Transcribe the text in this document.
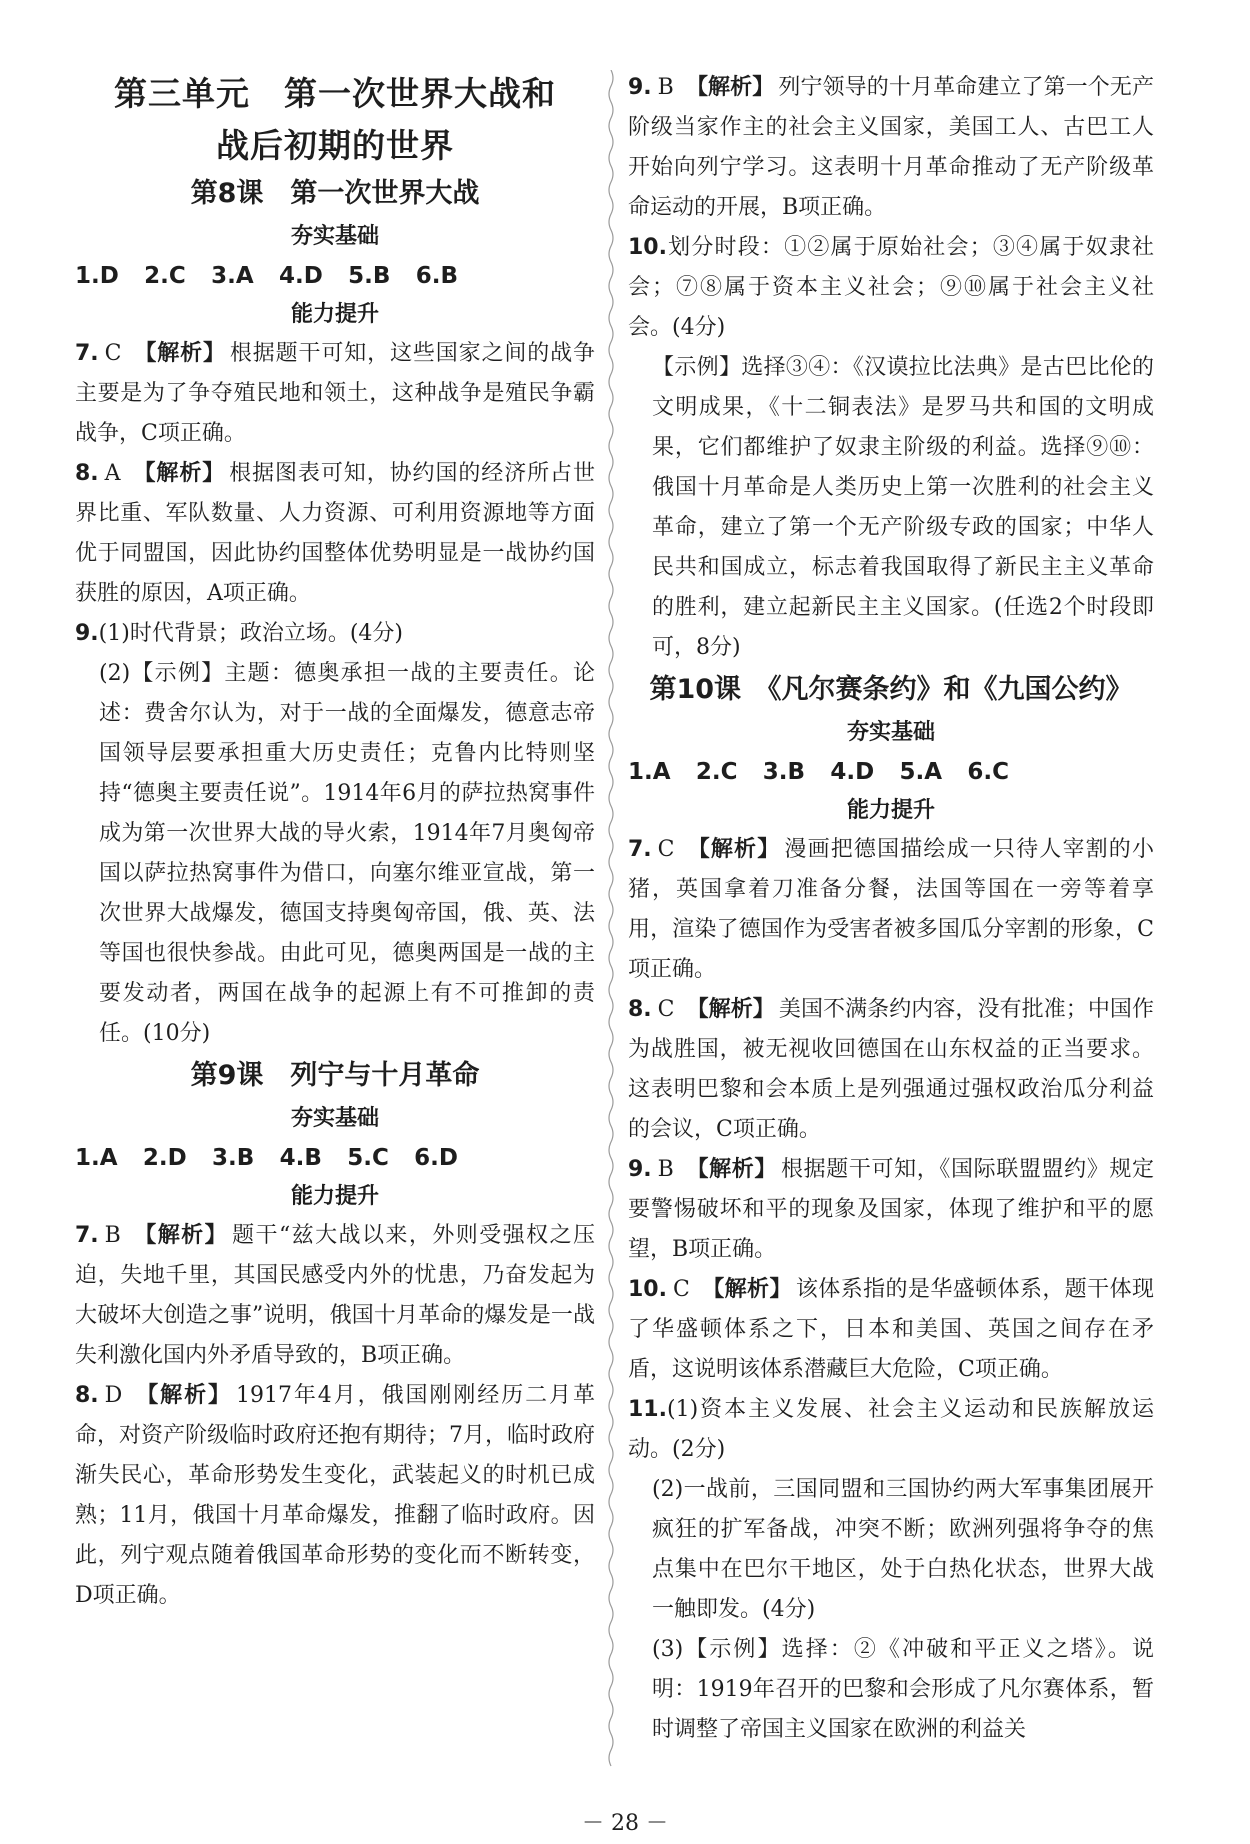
第三单元　第一次世界大战和
战后初期的世界
第8课　第一次世界大战
夯实基础
1.D 2.C 3.A 4.D 5.B 6.B
能力提升
7. C 【解析】 根据题干可知，这些国家之间的战争主要是为了争夺殖民地和领土，这种战争是殖民争霸战争，C项正确。
8. A 【解析】 根据图表可知，协约国的经济所占世界比重、军队数量、人力资源、可利用资源地等方面优于同盟国，因此协约国整体优势明显是一战协约国获胜的原因，A项正确。
9.(1)时代背景；政治立场。(4分)
(2)【示例】主题：德奥承担一战的主要责任。论述：费舍尔认为，对于一战的全面爆发，德意志帝国领导层要承担重大历史责任；克鲁内比特则坚持“德奥主要责任说”。1914年6月的萨拉热窝事件成为第一次世界大战的导火索，1914年7月奥匈帝国以萨拉热窝事件为借口，向塞尔维亚宣战，第一次世界大战爆发，德国支持奥匈帝国，俄、英、法等国也很快参战。由此可见，德奥两国是一战的主要发动者，两国在战争的起源上有不可推卸的责任。(10分)
第9课　列宁与十月革命
夯实基础
1.A 2.D 3.B 4.B 5.C 6.D
能力提升
7. B 【解析】 题干“兹大战以来，外则受强权之压迫，失地千里，其国民感受内外的忧患，乃奋发起为大破坏大创造之事”说明，俄国十月革命的爆发是一战失利激化国内外矛盾导致的，B项正确。
8. D 【解析】 1917年4月，俄国刚刚经历二月革命，对资产阶级临时政府还抱有期待；7月，临时政府渐失民心，革命形势发生变化，武装起义的时机已成熟；11月，俄国十月革命爆发，推翻了临时政府。因此，列宁观点随着俄国革命形势的变化而不断转变，D项正确。
9. B 【解析】 列宁领导的十月革命建立了第一个无产阶级当家作主的社会主义国家，美国工人、古巴工人开始向列宁学习。这表明十月革命推动了无产阶级革命运动的开展，B项正确。
10.划分时段：①②属于原始社会；③④属于奴隶社会；⑦⑧属于资本主义社会；⑨⑩属于社会主义社会。(4分)
【示例】选择③④：《汉谟拉比法典》是古巴比伦的文明成果，《十二铜表法》是罗马共和国的文明成果，它们都维护了奴隶主阶级的利益。选择⑨⑩：俄国十月革命是人类历史上第一次胜利的社会主义革命，建立了第一个无产阶级专政的国家；中华人民共和国成立，标志着我国取得了新民主主义革命的胜利，建立起新民主主义国家。(任选2个时段即可，8分)
第10课　《凡尔赛条约》和《九国公约》
夯实基础
1.A 2.C 3.B 4.D 5.A 6.C
能力提升
7. C 【解析】 漫画把德国描绘成一只待人宰割的小猪，英国拿着刀准备分餐，法国等国在一旁等着享用，渲染了德国作为受害者被多国瓜分宰割的形象，C项正确。
8. C 【解析】 美国不满条约内容，没有批准；中国作为战胜国，被无视收回德国在山东权益的正当要求。这表明巴黎和会本质上是列强通过强权政治瓜分利益的会议，C项正确。
9. B 【解析】 根据题干可知，《国际联盟盟约》规定要警惕破坏和平的现象及国家，体现了维护和平的愿望，B项正确。
10. C 【解析】 该体系指的是华盛顿体系，题干体现了华盛顿体系之下，日本和美国、英国之间存在矛盾，这说明该体系潜藏巨大危险，C项正确。
11.(1)资本主义发展、社会主义运动和民族解放运动。(2分)
(2)一战前，三国同盟和三国协约两大军事集团展开疯狂的扩军备战，冲突不断；欧洲列强将争夺的焦点集中在巴尔干地区，处于白热化状态，世界大战一触即发。(4分)
(3)【示例】选择：②《冲破和平正义之塔》。说明：1919年召开的巴黎和会形成了凡尔赛体系，暂时调整了帝国主义国家在欧洲的利益关
－ 28 －
